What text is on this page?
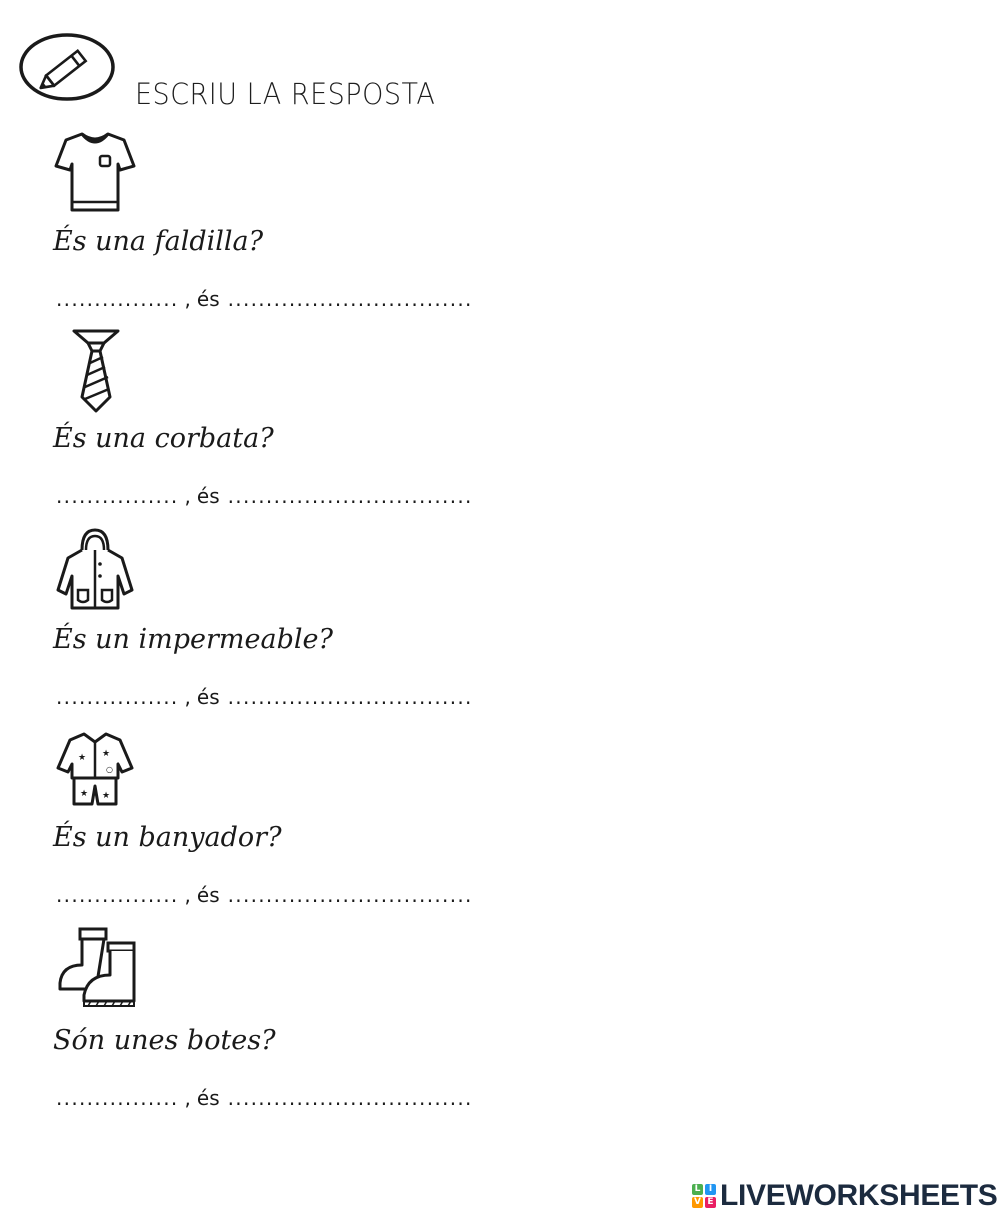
ESCRIU LA RESPOSTA
És una faldilla?
................ , és ................................
És una corbata?
................ , és ................................
És un impermeable?
................ , és ................................
★ ★
○
★ ★
És un banyador?
................ , és ................................
Són unes botes?
................ , és ................................
L I
V E LIVEWORKSHEETS
